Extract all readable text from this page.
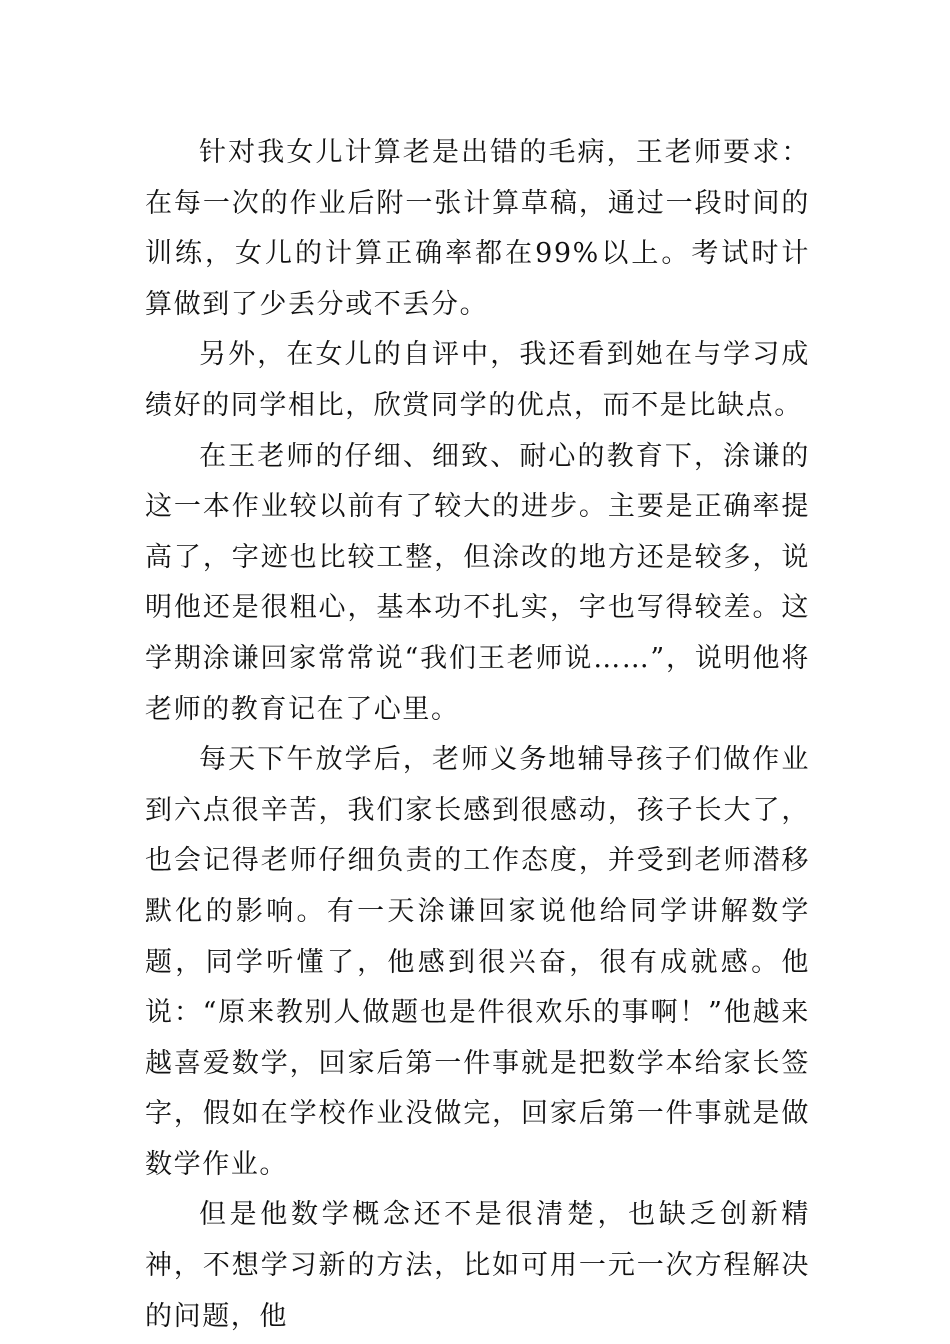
针对我女儿计算老是出错的毛病，王老师要求：在每一次的作业后附一张计算草稿，通过一段时间的训练，女儿的计算正确率都在99%以上。考试时计算做到了少丢分或不丢分。

另外，在女儿的自评中，我还看到她在与学习成绩好的同学相比，欣赏同学的优点，而不是比缺点。

在王老师的仔细、细致、耐心的教育下，涂谦的这一本作业较以前有了较大的进步。主要是正确率提高了，字迹也比较工整，但涂改的地方还是较多，说明他还是很粗心，基本功不扎实，字也写得较差。这学期涂谦回家常常说“我们王老师说……”，说明他将老师的教育记在了心里。

每天下午放学后，老师义务地辅导孩子们做作业到六点很辛苦，我们家长感到很感动，孩子长大了，也会记得老师仔细负责的工作态度，并受到老师潜移默化的影响。有一天涂谦回家说他给同学讲解数学题，同学听懂了，他感到很兴奋，很有成就感。他说：“原来教别人做题也是件很欢乐的事啊！”他越来越喜爱数学，回家后第一件事就是把数学本给家长签字，假如在学校作业没做完，回家后第一件事就是做数学作业。

但是他数学概念还不是很清楚，也缺乏创新精神，不想学习新的方法，比如可用一元一次方程解决的问题，他
